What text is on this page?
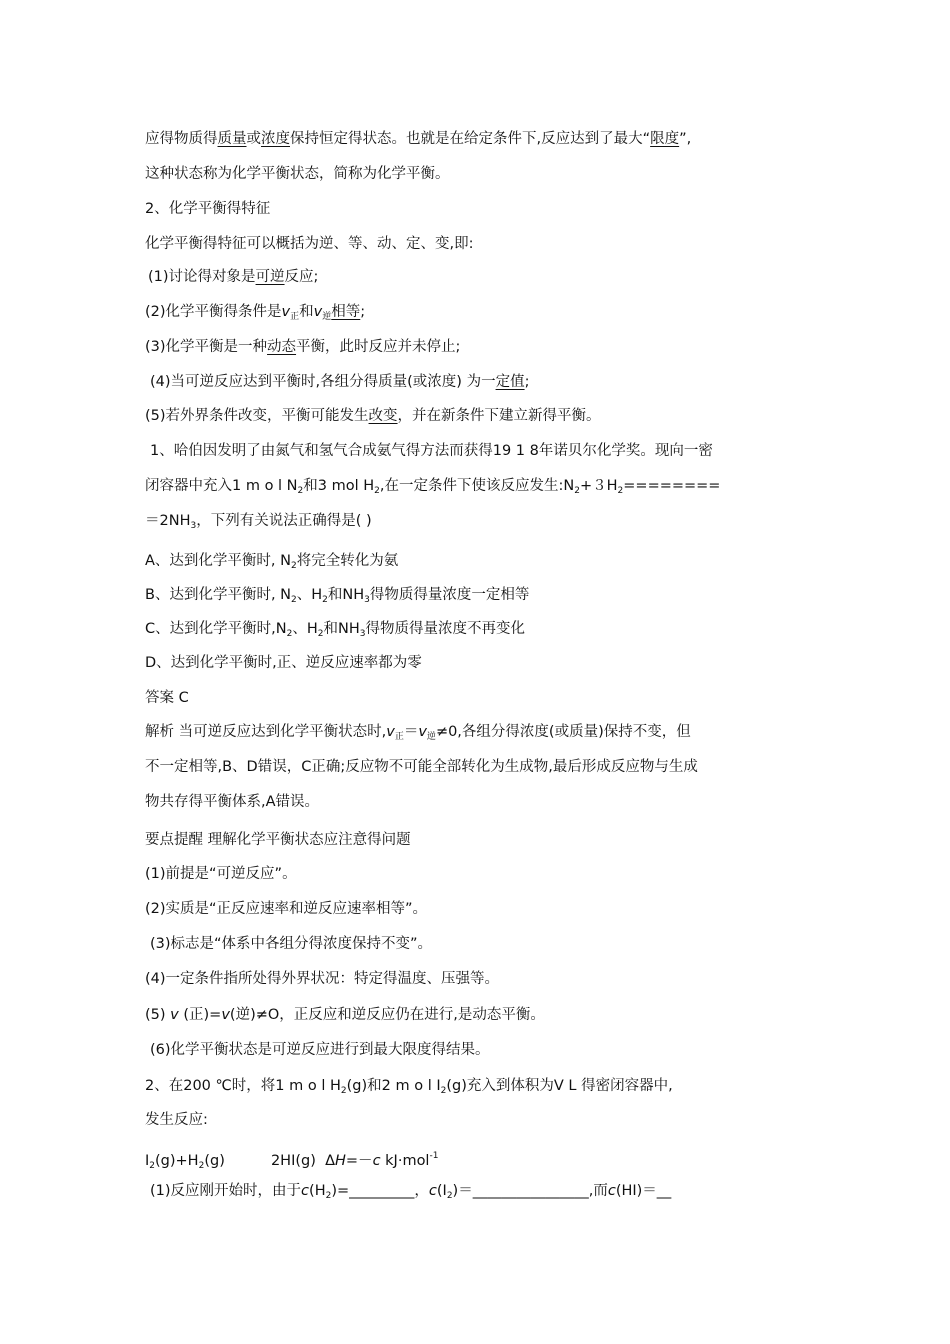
应得物质得质量或浓度保持恒定得状态。也就是在给定条件下,反应达到了最大“限度”,
这种状态称为化学平衡状态，简称为化学平衡。
2、化学平衡得特征
化学平衡得特征可以概括为逆、等、动、定、变,即:
(1)讨论得对象是可逆反应;
(2)化学平衡得条件是$v_正$和$v_逆$相等;
(3)化学平衡是一种动态平衡，此时反应并未停止;
(4)当可逆反应达到平衡时,各组分得质量(或浓度) 为一定值;
(5)若外界条件改变，平衡可能发生改变，并在新条件下建立新得平衡。
1、哈伯因发明了由氮气和氢气合成氨气得方法而获得19 1 8年诺贝尔化学奖。现向一密
闭容器中充入1 m o l $N_2$和3 mol $H_2$,在一定条件下使该反应发生$:N_2+3H_2========$
$=2NH_3$，下列有关说法正确得是( )
A、达到化学平衡时, $N_2$将完全转化为氨
B、达到化学平衡时, $N_2$、$H_2$和$NH_3$得物质得量浓度一定相等
C、达到化学平衡时$,N_2$、$H_2$和$NH_3$得物质得量浓度不再变化
D、达到化学平衡时,正、逆反应速率都为零
答案 C
解析 当可逆反应达到化学平衡状态时$,v_正=v_逆\ne 0$,各组分得浓度(或质量)保持不变，但
不一定相等,B、D错误，C正确;反应物不可能全部转化为生成物,最后形成反应物与生成
物共存得平衡体系,A错误。
要点提醒 理解化学平衡状态应注意得问题
(1)前提是“可逆反应”。
(2)实质是“正反应速率和逆反应速率相等”。
(3)标志是“体系中各组分得浓度保持不变”。
(4)一定条件指所处得外界状况：特定得温度、压强等。
(5) v (正)=v(逆)≠O，正反应和逆反应仍在进行,是动态平衡。
(6)化学平衡状态是可逆反应进行到最大限度得结果。
2、在200 ℃时，将1 m o l $H_2(g)$和2 m o l $I_2(g)$充入到体积为V L 得密闭容器中,
发生反应:
$I_2(g)+H_2(g)$          2HI(g)  ΔH=－c kJ·mol$^{-1}$
(1)反应刚开始时，由于$c(H_2)=\_\_\_\_\_\_\_\_\_$，$c(I_2)=\_\_\_\_\_\_\_\_\_\_\_\_\_\_\_\_$,而c(HI)＝__
